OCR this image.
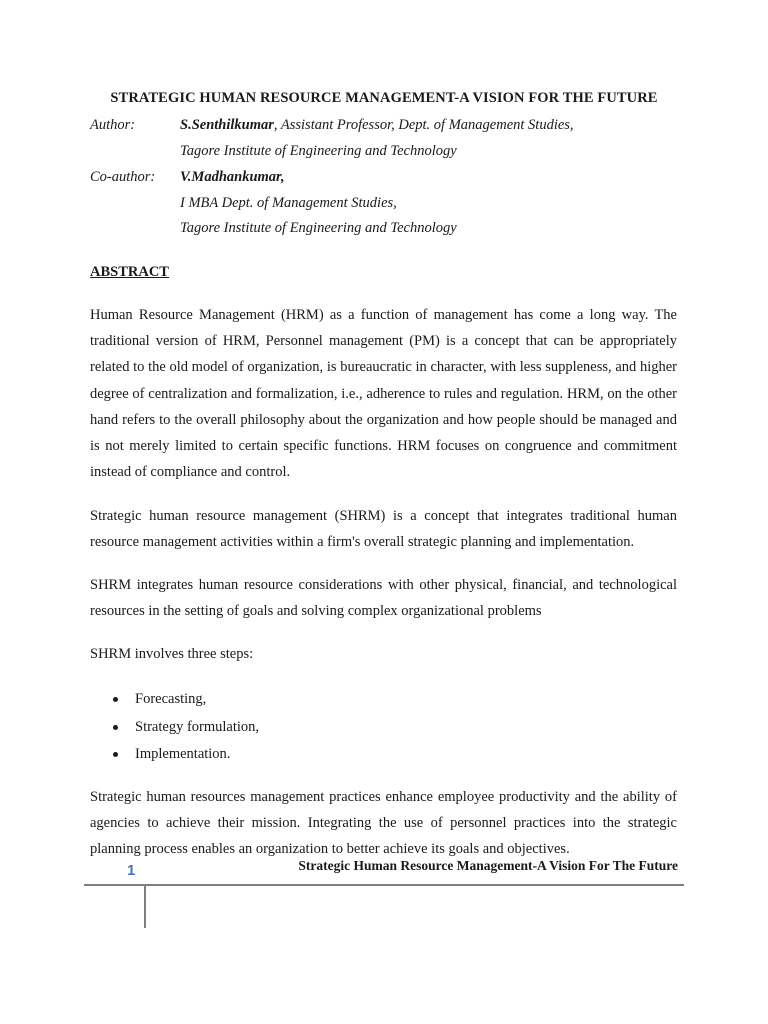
STRATEGIC HUMAN RESOURCE MANAGEMENT-A VISION FOR THE FUTURE
Author:	S.Senthilkumar, Assistant Professor, Dept. of Management Studies,
Tagore Institute of Engineering and Technology
Co-author:	V.Madhankumar,
I MBA Dept. of Management Studies,
Tagore Institute of Engineering and Technology
ABSTRACT
Human Resource Management (HRM) as a function of management has come a long way. The traditional version of HRM, Personnel management (PM) is a concept that can be appropriately related to the old model of organization, is bureaucratic in character, with less suppleness, and higher degree of centralization and formalization, i.e., adherence to rules and regulation. HRM, on the other hand refers to the overall philosophy about the organization and how people should be managed and is not merely limited to certain specific functions. HRM focuses on congruence and commitment instead of compliance and control.
Strategic human resource management (SHRM) is a concept that integrates traditional human resource management activities within a firm's overall strategic planning and implementation.
SHRM integrates human resource considerations with other physical, financial, and technological resources in the setting of goals and solving complex organizational problems
SHRM involves three steps:
Forecasting,
Strategy formulation,
Implementation.
Strategic human resources management practices enhance employee productivity and the ability of agencies to achieve their mission. Integrating the use of personnel practices into the strategic planning process enables an organization to better achieve its goals and objectives.
Strategic Human Resource Management-A Vision For The Future
1
